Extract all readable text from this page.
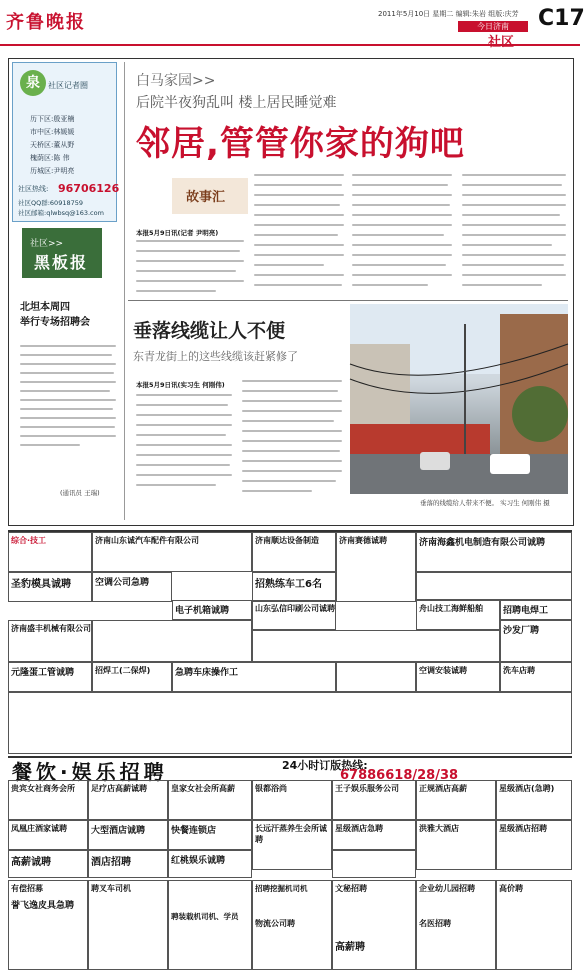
齐鲁晚报	2011年5月10日 星期二 编辑:朱岩 组版:庆芳
今日济南
社区
C17
泉	社区记者圈
历下区:殷亚楠
市中区:林媛媛
天桥区:董从野
槐荫区:陈 伟
历城区:尹明亮
社区热线: 96706126
社区QQ群:60918759
社区邮箱:qlwbsq@163.com
社区>>
黑板报
北坦本周四
举行专场招聘会
(通讯员 王瑞)
白马家园>>
后院半夜狗乱叫 楼上居民睡觉难
邻居,管管你家的狗吧
故事汇
本报5月9日讯(记者 尹明亮)
垂落线缆让人不便
东青龙街上的这些线缆该赶紧修了
本报5月9日讯(实习生 何刚伟)
垂落的线缆给人带来不便。 实习生 何刚伟 摄
综合·技工	济南山东诚汽车配件有限公司	济南顺达设备制造	济南赛德诚聘	济南海鑫机电制造有限公司诚聘
圣豹模具诚聘	空调公司急聘	招熟练车工6名
电子机箱诚聘	招聘电焊工
济南盛丰机械有限公司
山东弘信印刷公司诚聘	舟山技工海鲜船舶
沙发厂聘
元隆蛋工管诚聘	招焊工(二保焊)	急聘车床操作工	空调安装诚聘	洗车店聘
餐饮·娱乐招聘	24小时订版热线:
67886618/28/38
贵宾女社商务会所	足疗店高薪诚聘	皇家女社会所高薪	银都浴尚	王子娱乐服务公司	正规酒店高薪	星级酒店(急聘)
凤凰庄酒家诚聘	大型酒店诚聘	快餐连锁店	长远汗蒸养生会所诚聘
星级酒店急聘	洪雅大酒店	星级酒店招聘
高薪诚聘	酒店招聘	红桃娱乐诚聘
有偿招募
誉飞逸皮具急聘
聘叉车司机
聘装载机司机、学员
招聘挖掘机司机
物流公司聘
文秘招聘
高薪聘
企业幼儿园招聘
名医招聘
高价聘
